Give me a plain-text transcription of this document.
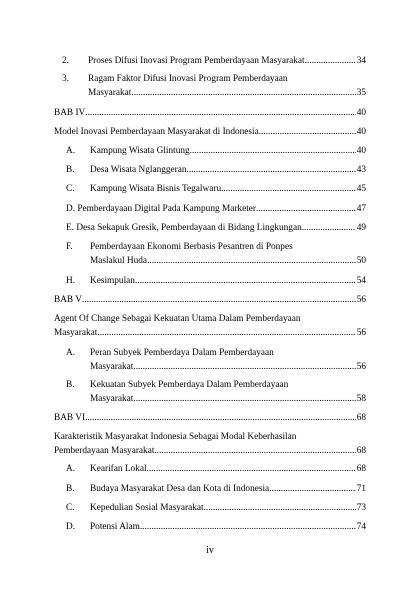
2. Proses Difusi Inovasi Program Pemberdayaan Masyarakat .....	34
3. Ragam Faktor Difusi Inovasi Program Pemberdayaan
Masyarakat .....	35
BAB IV .....	40
Model Inovasi Pemberdayaan Masyarakat di Indonesia .....	40
A. Kampung Wisata Glintung .....	40
B. Desa Wisata Nglanggeran .....	43
C. Kampung Wisata Bisnis Tegalwaru .....	45
D. Pemberdayaan Digital Pada Kampung Marketer .....	47
E. Desa Sekapuk Gresik, Pemberdayaan di Bidang Lingkungan .....	49
F. Pemberdayaan Ekonomi Berbasis Pesantren di Ponpes
Maslakul Huda .....	50
H. Kesimpulan .....	54
BAB V .....	56
Agent Of Change Sebagai Kekuatan Utama Dalam Pemberdayaan
Masyarakat .....	56
A. Peran Subyek Pemberdaya Dalam Pemberdayaan
Masyarakat .....	56
B. Kekuatan Subyek Pemberdaya Dalam Pemberdayaan
Masyarakat .....	58
BAB VI .....	68
Karakteristik Masyarakat Indonesia Sebagai Modal Keberhasilan
Pemberdayaan Masyarakat .....	68
A. Kearifan Lokal .....	68
B. Budaya Masyarakat Desa dan Kota di Indonesia .....	71
C. Kepedulian Sosial Masyarakat .....	73
D. Potensi Alam .....	74
iv
